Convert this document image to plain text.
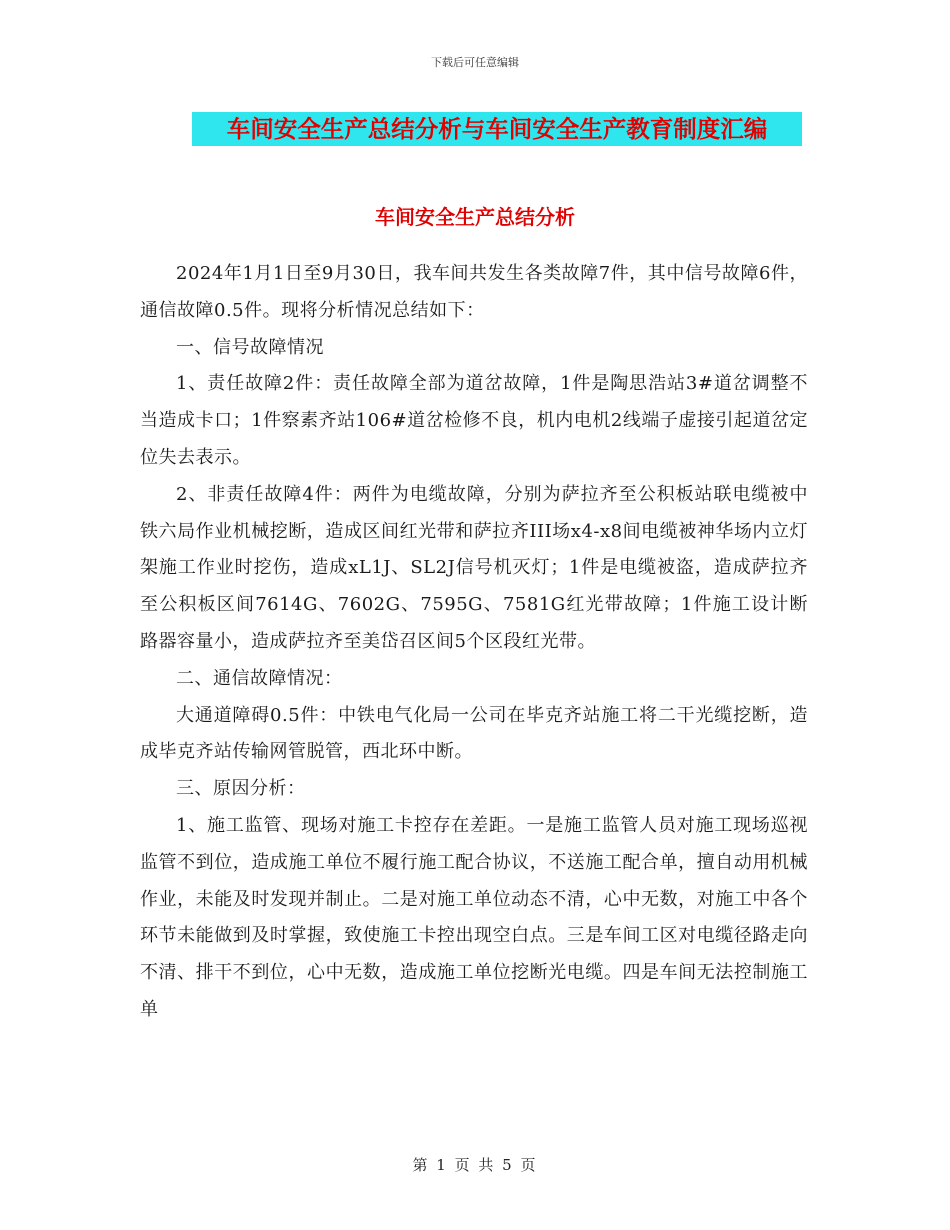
下载后可任意编辑
车间安全生产总结分析与车间安全生产教育制度汇编
车间安全生产总结分析

2024年1月1日至9月30日，我车间共发生各类故障7件，其中信号故障6件，通信故障0.5件。现将分析情况总结如下：

一、信号故障情况

1、责任故障2件：责任故障全部为道岔故障，1件是陶思浩站3#道岔调整不当造成卡口；1件察素齐站106#道岔检修不良，机内电机2线端子虚接引起道岔定位失去表示。

2、非责任故障4件：两件为电缆故障，分别为萨拉齐至公积板站联电缆被中铁六局作业机械挖断，造成区间红光带和萨拉齐III场x4-x8间电缆被神华场内立灯架施工作业时挖伤，造成xL1J、SL2J信号机灭灯；1件是电缆被盗，造成萨拉齐至公积板区间7614G、7602G、7595G、7581G红光带故障；1件施工设计断路器容量小，造成萨拉齐至美岱召区间5个区段红光带。

二、通信故障情况：

大通道障碍0.5件：中铁电气化局一公司在毕克齐站施工将二干光缆挖断，造成毕克齐站传输网管脱管，西北环中断。

三、原因分析：

1、施工监管、现场对施工卡控存在差距。一是施工监管人员对施工现场巡视监管不到位，造成施工单位不履行施工配合协议，不送施工配合单，擅自动用机械作业，未能及时发现并制止。二是对施工单位动态不清，心中无数，对施工中各个环节未能做到及时掌握，致使施工卡控出现空白点。三是车间工区对电缆径路走向不清、排干不到位，心中无数，造成施工单位挖断光电缆。四是车间无法控制施工单

第 1 页 共 5 页
